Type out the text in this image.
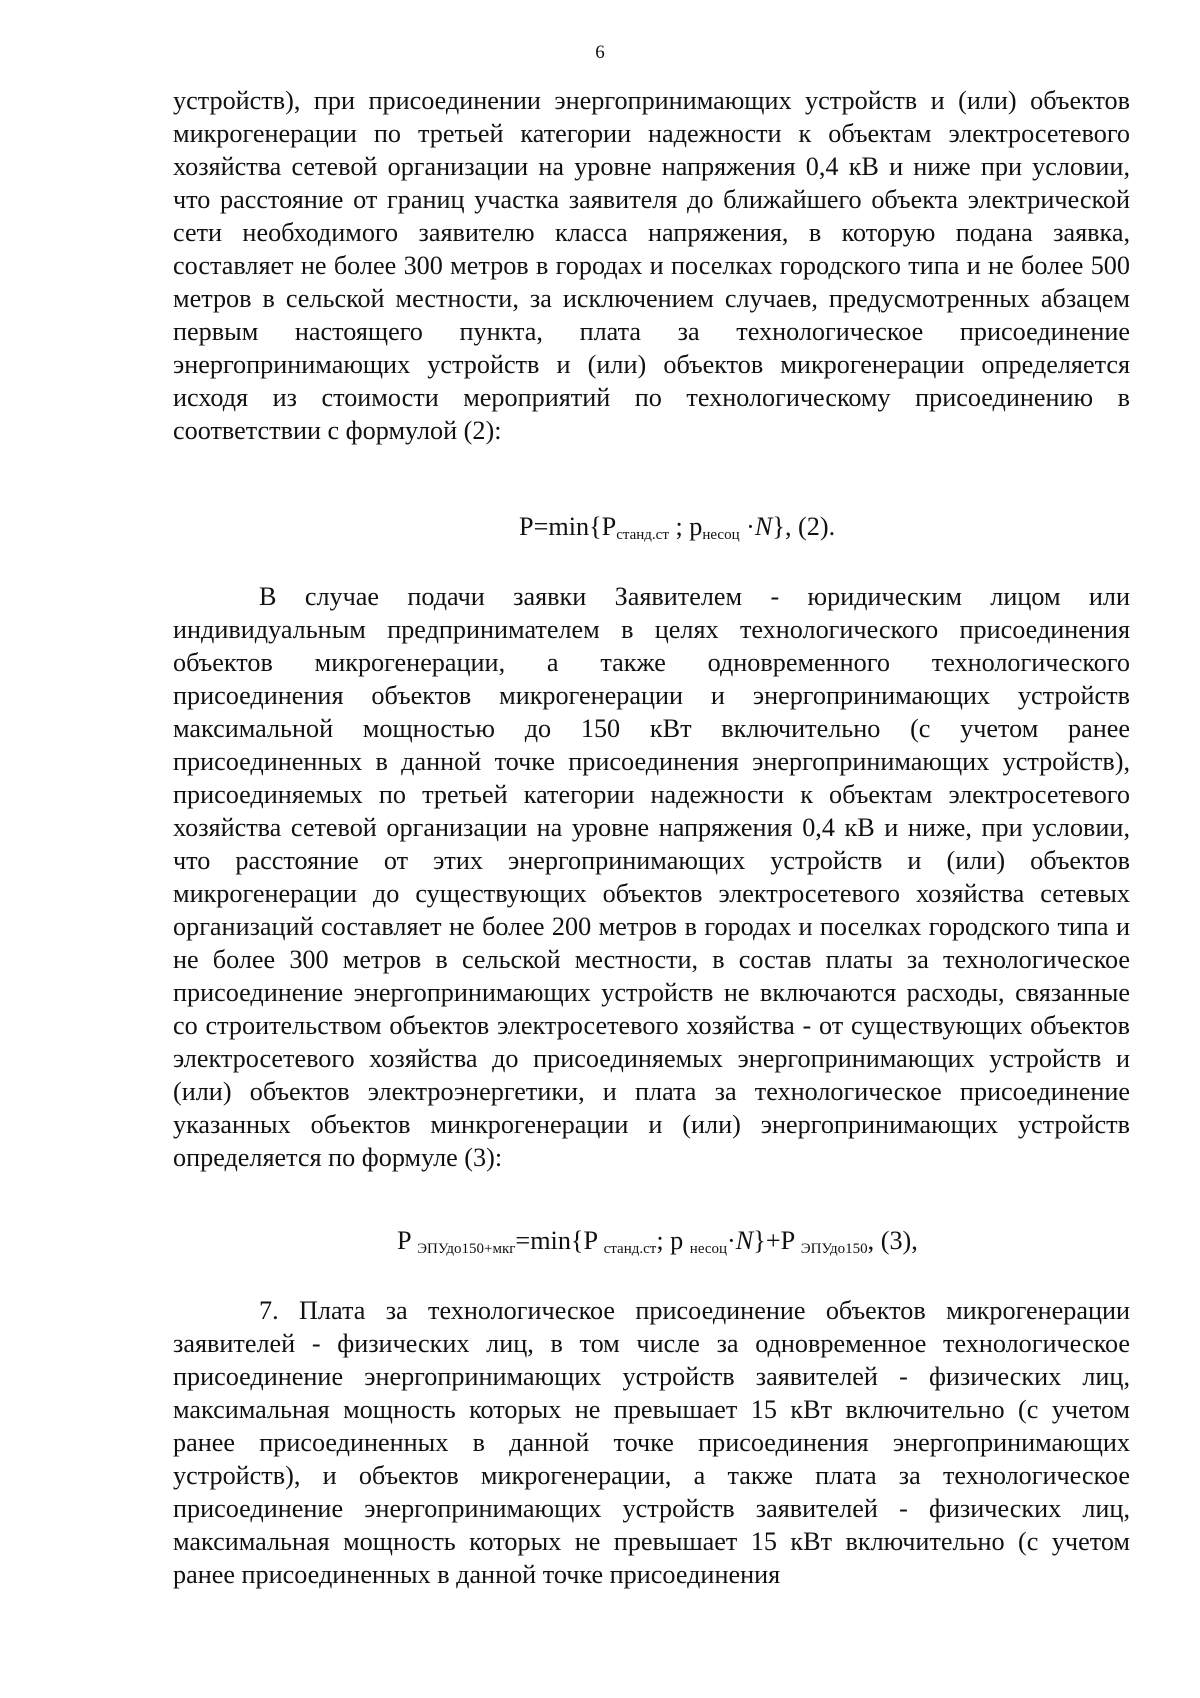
6
устройств), при присоединении энергопринимающих устройств и (или) объектов микрогенерации по третьей категории надежности к объектам электросетевого хозяйства сетевой организации на уровне напряжения 0,4 кВ и ниже при условии, что расстояние от границ участка заявителя до ближайшего объекта электрической сети необходимого заявителю класса напряжения, в которую подана заявка, составляет не более 300 метров в городах и поселках городского типа и не более 500 метров в сельской местности, за исключением случаев, предусмотренных абзацем первым настоящего пункта, плата за технологическое присоединение энергопринимающих устройств и (или) объектов микрогенерации определяется исходя из стоимости мероприятий по технологическому присоединению в соответствии с формулой (2):
$P=\min\{P_{станд.ст}$ ; $p_{несоц} \cdot N$}, (2).
В случае подачи заявки Заявителем - юридическим лицом или индивидуальным предпринимателем в целях технологического присоединения объектов микрогенерации, а также одновременного технологического присоединения объектов микрогенерации и энергопринимающих устройств максимальной мощностью до 150 кВт включительно (с учетом ранее присоединенных в данной точке присоединения энергопринимающих устройств), присоединяемых по третьей категории надежности к объектам электросетевого хозяйства сетевой организации на уровне напряжения 0,4 кВ и ниже, при условии, что расстояние от этих энергопринимающих устройств и (или) объектов микрогенерации до существующих объектов электросетевого хозяйства сетевых организаций составляет не более 200 метров в городах и поселках городского типа и не более 300 метров в сельской местности, в состав платы за технологическое присоединение энергопринимающих устройств не включаются расходы, связанные со строительством объектов электросетевого хозяйства - от существующих объектов электросетевого хозяйства до присоединяемых энергопринимающих устройств и (или) объектов электроэнергетики, и плата за технологическое присоединение указанных объектов минкрогенерации и (или) энергопринимающих устройств определяется по формуле (3):
P $_{ЭПУдо150+мкг}$=min{P $_{станд.ст}$; p $_{несоц}$·N}+P $_{ЭПУдо150}$, (3),
7. Плата за технологическое присоединение объектов микрогенерации заявителей - физических лиц, в том числе за одновременное технологическое присоединение энергопринимающих устройств заявителей - физических лиц, максимальная мощность которых не превышает 15 кВт включительно (с учетом ранее присоединенных в данной точке присоединения энергопринимающих устройств), и объектов микрогенерации, а также плата за технологическое присоединение энергопринимающих устройств заявителей - физических лиц, максимальная мощность которых не превышает 15 кВт включительно (с учетом ранее присоединенных в данной точке присоединения
